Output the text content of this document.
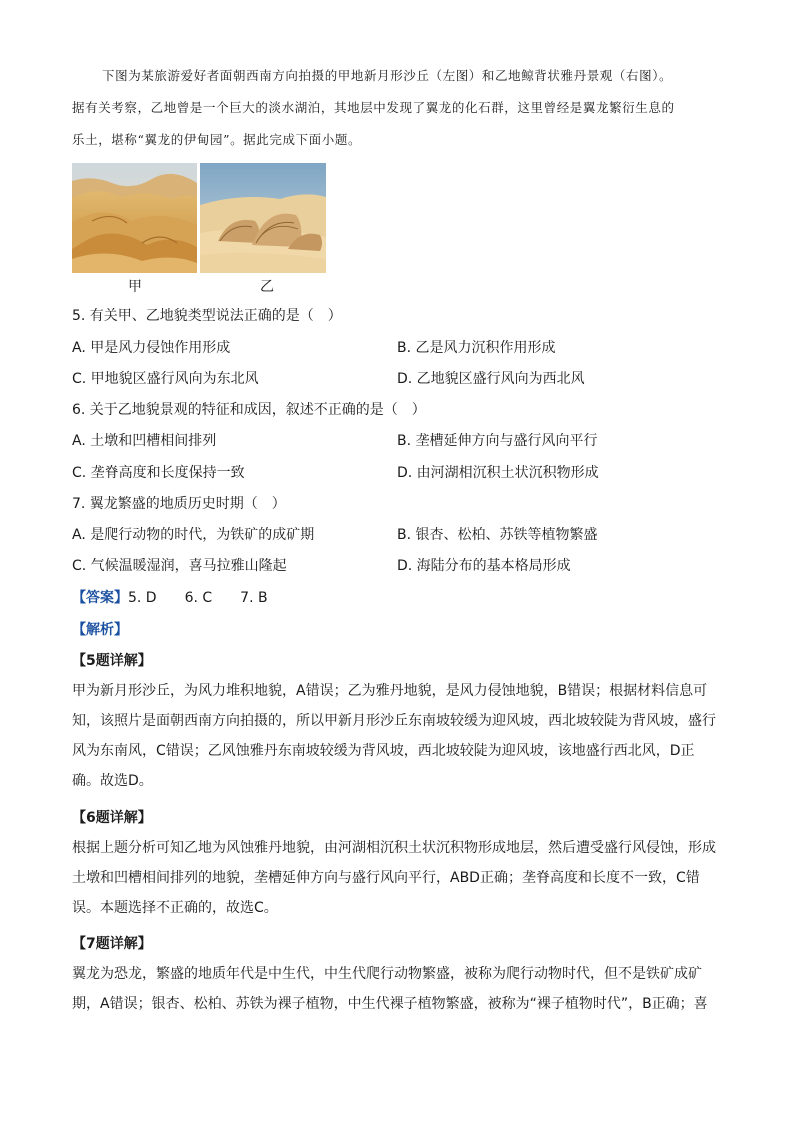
下图为某旅游爱好者面朝西南方向拍摄的甲地新月形沙丘（左图）和乙地鲸背状雅丹景观（右图）。
据有关考察，乙地曾是一个巨大的淡水湖泊，其地层中发现了翼龙的化石群，这里曾经是翼龙繁衍生息的
乐土，堪称“翼龙的伊甸园”。据此完成下面小题。
甲	乙
5. 有关甲、乙地貌类型说法正确的是（　）
A. 甲是风力侵蚀作用形成	B. 乙是风力沉积作用形成
C. 甲地貌区盛行风向为东北风	D. 乙地貌区盛行风向为西北风
6. 关于乙地貌景观的特征和成因，叙述不正确的是（　）
A. 土墩和凹槽相间排列	B. 垄槽延伸方向与盛行风向平行
C. 垄脊高度和长度保持一致	D. 由河湖相沉积土状沉积物形成
7. 翼龙繁盛的地质历史时期（　）
A. 是爬行动物的时代，为铁矿的成矿期	B. 银杏、松柏、苏铁等植物繁盛
C. 气候温暖湿润，喜马拉雅山隆起	D. 海陆分布的基本格局形成
【答案】5. D　　6. C　　7. B
【解析】
【5题详解】
甲为新月形沙丘，为风力堆积地貌，A错误；乙为雅丹地貌，是风力侵蚀地貌，B错误；根据材料信息可
知，该照片是面朝西南方向拍摄的，所以甲新月形沙丘东南坡较缓为迎风坡，西北坡较陡为背风坡，盛行
风为东南风，C错误；乙风蚀雅丹东南坡较缓为背风坡，西北坡较陡为迎风坡，该地盛行西北风，D正
确。故选D。
【6题详解】
根据上题分析可知乙地为风蚀雅丹地貌，由河湖相沉积土状沉积物形成地层，然后遭受盛行风侵蚀，形成
土墩和凹槽相间排列的地貌，垄槽延伸方向与盛行风向平行，ABD正确；垄脊高度和长度不一致，C错
误。本题选择不正确的，故选C。
【7题详解】
翼龙为恐龙，繁盛的地质年代是中生代，中生代爬行动物繁盛，被称为爬行动物时代，但不是铁矿成矿
期，A错误；银杏、松柏、苏铁为裸子植物，中生代裸子植物繁盛，被称为“裸子植物时代”，B正确；喜
